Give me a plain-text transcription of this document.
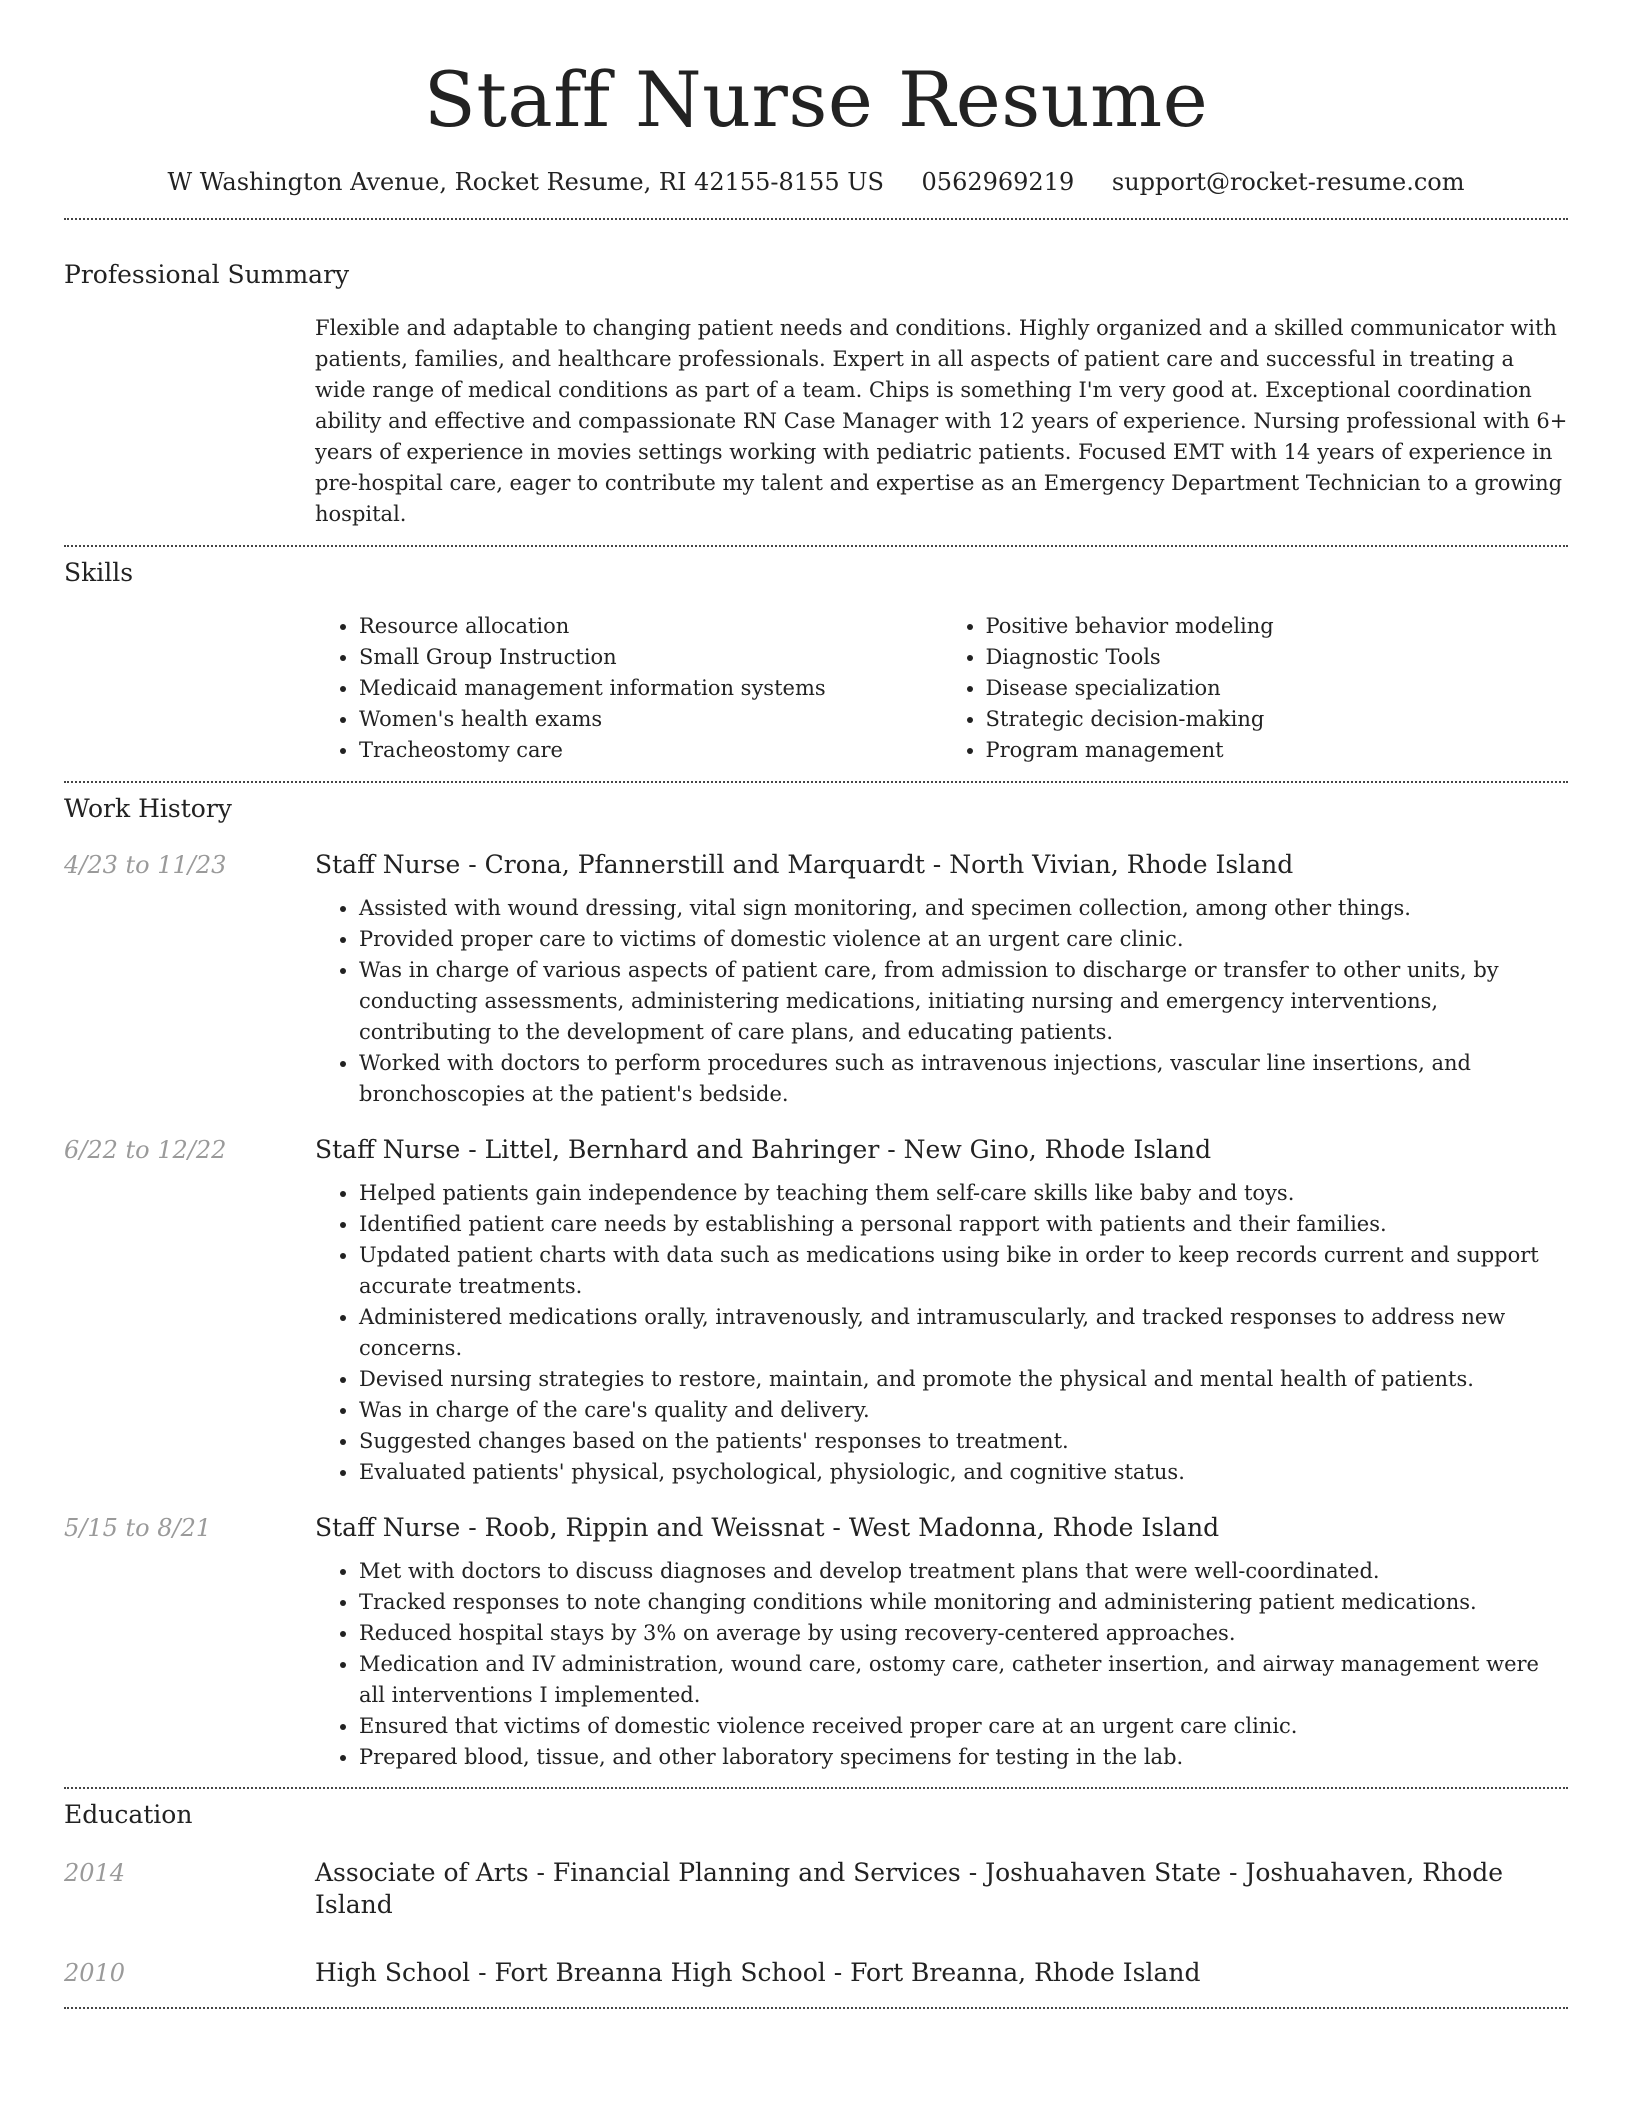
Staff Nurse Resume
W Washington Avenue, Rocket Resume, RI 42155-8155 US 0562969219 support@rocket-resume.com
Professional Summary

Flexible and adaptable to changing patient needs and conditions. Highly organized and a skilled communicator with patients, families, and healthcare professionals. Expert in all aspects of patient care and successful in treating a wide range of medical conditions as part of a team. Chips is something I'm very good at. Exceptional coordination ability and effective and compassionate RN Case Manager with 12 years of experience. Nursing professional with 6+ years of experience in movies settings working with pediatric patients. Focused EMT with 14 years of experience in pre-hospital care, eager to contribute my talent and expertise as an Emergency Department Technician to a growing hospital.

Skills
• Resource allocation
• Small Group Instruction
• Medicaid management information systems
• Women's health exams
• Tracheostomy care
• Positive behavior modeling
• Diagnostic Tools
• Disease specialization
• Strategic decision-making
• Program management
Work History
4/23 to 11/23	Staff Nurse - Crona, Pfannerstill and Marquardt - North Vivian, Rhode Island
• Assisted with wound dressing, vital sign monitoring, and specimen collection, among other things.
• Provided proper care to victims of domestic violence at an urgent care clinic.
• Was in charge of various aspects of patient care, from admission to discharge or transfer to other units, by conducting assessments, administering medications, initiating nursing and emergency interventions, contributing to the development of care plans, and educating patients.
• Worked with doctors to perform procedures such as intravenous injections, vascular line insertions, and bronchoscopies at the patient's bedside.
6/22 to 12/22	Staff Nurse - Littel, Bernhard and Bahringer - New Gino, Rhode Island
• Helped patients gain independence by teaching them self-care skills like baby and toys.
• Identified patient care needs by establishing a personal rapport with patients and their families.
• Updated patient charts with data such as medications using bike in order to keep records current and support accurate treatments.
• Administered medications orally, intravenously, and intramuscularly, and tracked responses to address new concerns.
• Devised nursing strategies to restore, maintain, and promote the physical and mental health of patients.
• Was in charge of the care's quality and delivery.
• Suggested changes based on the patients' responses to treatment.
• Evaluated patients' physical, psychological, physiologic, and cognitive status.
5/15 to 8/21	Staff Nurse - Roob, Rippin and Weissnat - West Madonna, Rhode Island
• Met with doctors to discuss diagnoses and develop treatment plans that were well-coordinated.
• Tracked responses to note changing conditions while monitoring and administering patient medications.
• Reduced hospital stays by 3% on average by using recovery-centered approaches.
• Medication and IV administration, wound care, ostomy care, catheter insertion, and airway management were all interventions I implemented.
• Ensured that victims of domestic violence received proper care at an urgent care clinic.
• Prepared blood, tissue, and other laboratory specimens for testing in the lab.
Education
2014	Associate of Arts - Financial Planning and Services - Joshuahaven State - Joshuahaven, Rhode Island
2010	High School - Fort Breanna High School - Fort Breanna, Rhode Island
